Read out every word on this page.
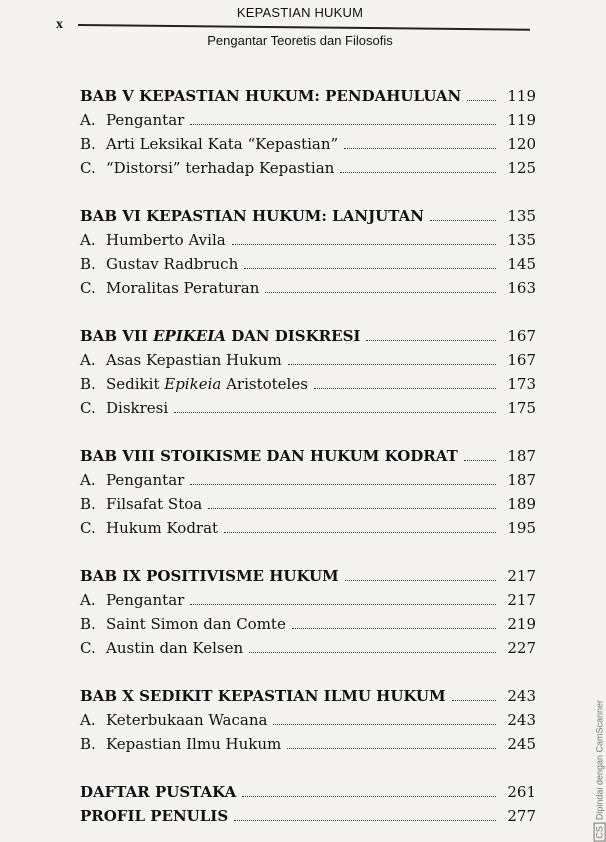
KEPASTIAN HUKUM
x
Pengantar Teoretis dan Filosofis
BAB V KEPASTIAN HUKUM: PENDAHULUAN	119
A. Pengantar	119
B. Arti Leksikal Kata “Kepastian”	120
C. “Distorsi” terhadap Kepastian	125
BAB VI KEPASTIAN HUKUM: LANJUTAN	135
A. Humberto Avila	135
B. Gustav Radbruch	145
C. Moralitas Peraturan	163
BAB VII EPIKEIA DAN DISKRESI	167
A. Asas Kepastian Hukum	167
B. Sedikit Epikeia Aristoteles	173
C. Diskresi	175
BAB VIII STOIKISME DAN HUKUM KODRAT	187
A. Pengantar	187
B. Filsafat Stoa	189
C. Hukum Kodrat	195
BAB IX POSITIVISME HUKUM	217
A. Pengantar	217
B. Saint Simon dan Comte	219
C. Austin dan Kelsen	227
BAB X SEDIKIT KEPASTIAN ILMU HUKUM	243
A. Keterbukaan Wacana	243
B. Kepastian Ilmu Hukum	245
DAFTAR PUSTAKA	261
PROFIL PENULIS	277
CSDipindai dengan CamScanner
